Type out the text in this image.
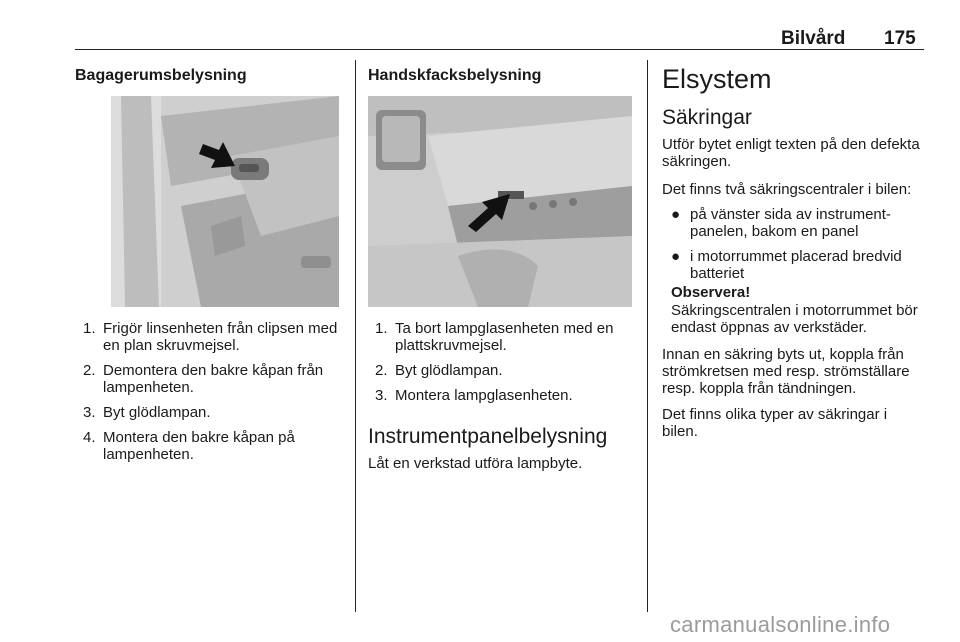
Bilvård 175
Bagagerumsbelysning
1. Frigör linsenheten från clipsen med en plan skruvmejsel.
2. Demontera den bakre kåpan från lampenheten.
3. Byt glödlampan.
4. Montera den bakre kåpan på lampenheten.
Handskfacksbelysning
1. Ta bort lampglasenheten med en plattskruvmejsel.
2. Byt glödlampan.
3. Montera lampglasenheten.
Instrumentpanelbelysning
Låt en verkstad utföra lampbyte.
Elsystem
Säkringar
Utför bytet enligt texten på den defekta säkringen.
Det finns två säkringscentraler i bilen:
● på vänster sida av instrument-panelen, bakom en panel
● i motorrummet placerad bredvid batteriet
Observera!
Säkringscentralen i motorrummet bör endast öppnas av verkstäder.
Innan en säkring byts ut, koppla från strömkretsen med resp. strömställare resp. koppla från tändningen.
Det finns olika typer av säkringar i bilen.
carmanualsonline.info
